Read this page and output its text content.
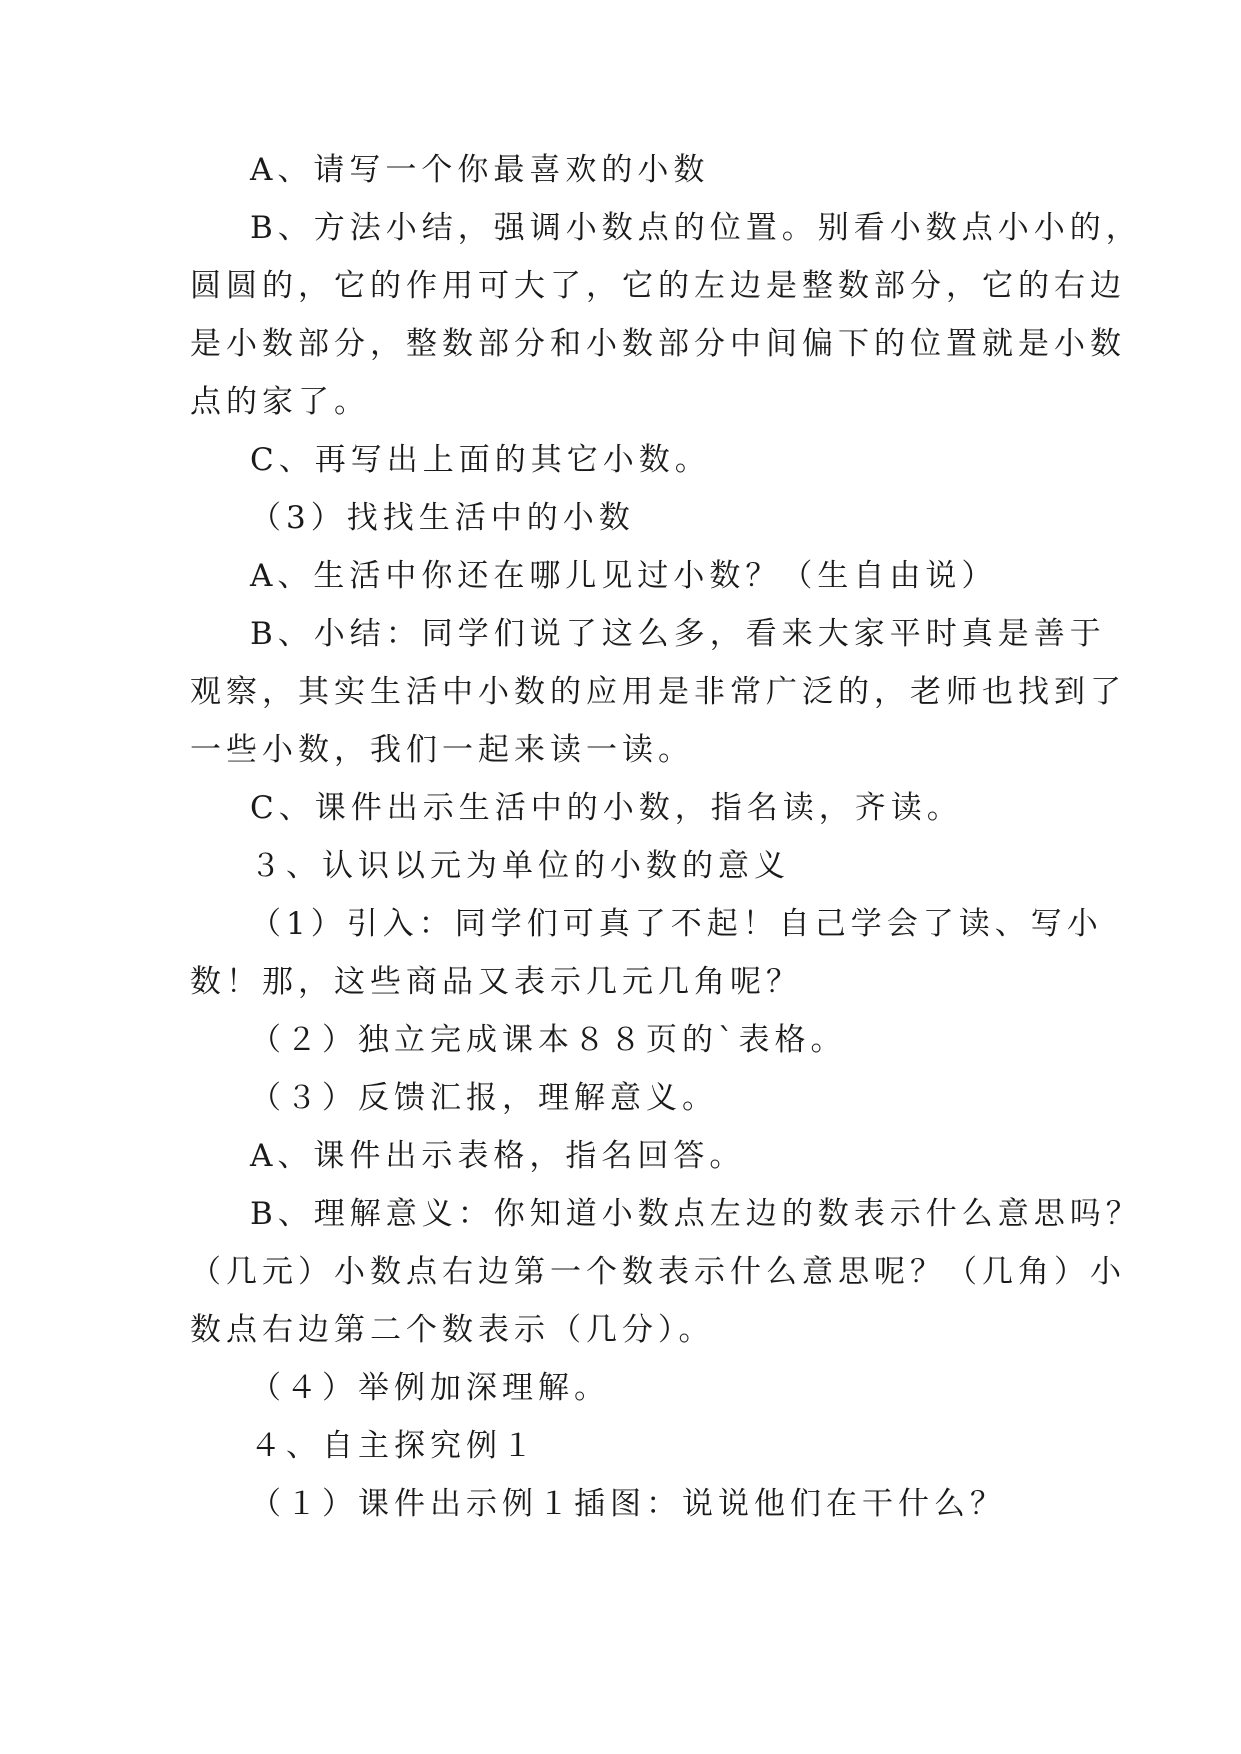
A、请写一个你最喜欢的小数
B、方法小结，强调小数点的位置。别看小数点小小的，
圆圆的，它的作用可大了，它的左边是整数部分，它的右边
是小数部分，整数部分和小数部分中间偏下的位置就是小数
点的家了。
C、再写出上面的其它小数。
（3）找找生活中的小数
A、生活中你还在哪儿见过小数？（生自由说）
B、小结：同学们说了这么多，看来大家平时真是善于
观察，其实生活中小数的应用是非常广泛的，老师也找到了
一些小数，我们一起来读一读。
C、课件出示生活中的小数，指名读，齐读。
３、认识以元为单位的小数的意义
（1）引入：同学们可真了不起！自己学会了读、写小
数！那，这些商品又表示几元几角呢？
（２）独立完成课本８８页的`表格。
（３）反馈汇报，理解意义。
A、课件出示表格，指名回答。
B、理解意义：你知道小数点左边的数表示什么意思吗？
（几元）小数点右边第一个数表示什么意思呢？（几角）小
数点右边第二个数表示（几分）。
（４）举例加深理解。
４、自主探究例１
（１）课件出示例１插图：说说他们在干什么？
